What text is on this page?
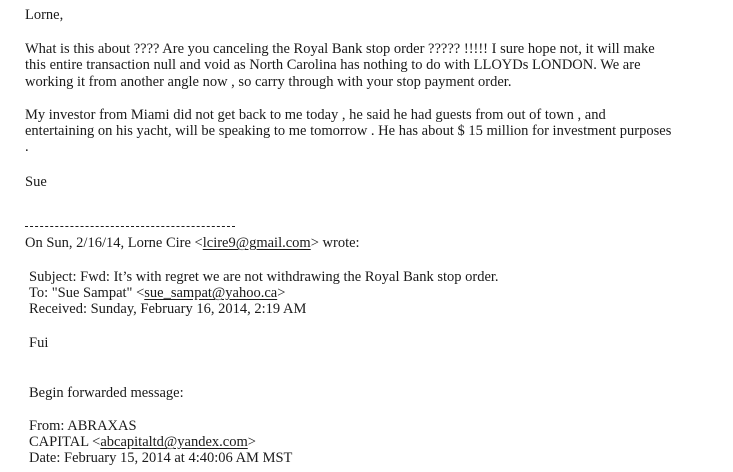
Lorne,
What is this about ???? Are you canceling the Royal Bank stop order ????? !!!!! I sure hope not, it will make
this entire transaction null and void as North Carolina has nothing to do with LLOYDs LONDON. We are
working it from another angle now , so carry through with your stop payment order.
My investor from Miami did not get back to me today , he said he had guests from out of town , and
entertaining on his yacht, will be speaking to me tomorrow . He has about $ 15 million for investment purposes
.
Sue
On Sun, 2/16/14, Lorne Cire <lcire9@gmail.com> wrote:
Subject: Fwd: It’s with regret we are not withdrawing the Royal Bank stop order.
To: "Sue Sampat" <sue_sampat@yahoo.ca>
Received: Sunday, February 16, 2014, 2:19 AM
Fui
Begin forwarded message:
From: ABRAXAS
CAPITAL <abcapitaltd@yandex.com>
Date: February 15, 2014 at 4:40:06 AM MST
